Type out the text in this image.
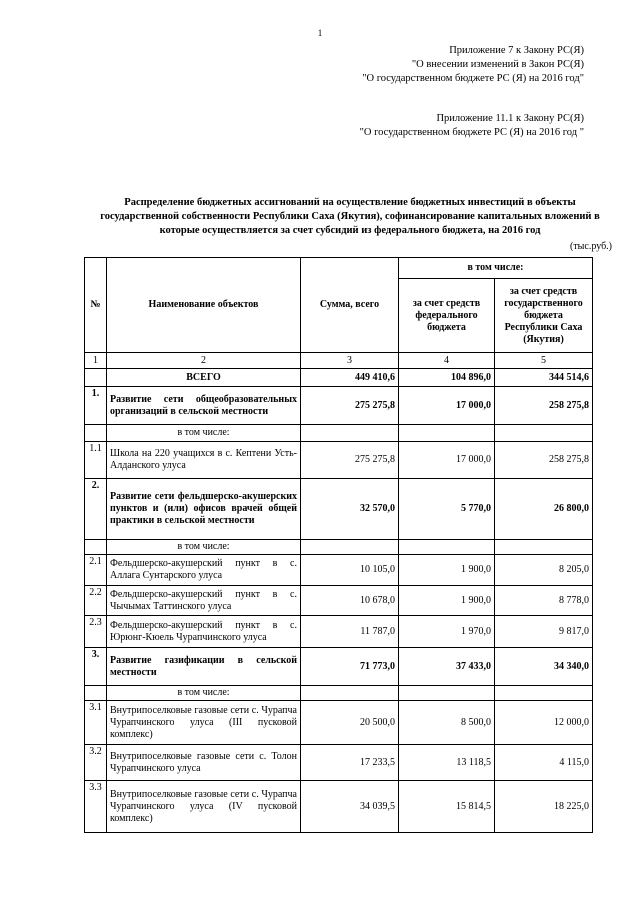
1
Приложение 7 к Закону РС(Я)
"О внесении изменений в Закон РС(Я)
"О государственном бюджете РС (Я) на 2016 год"
Приложение 11.1 к Закону РС(Я)
"О государственном бюджете РС (Я) на 2016 год "
Распределение бюджетных ассигнований на осуществление бюджетных инвестиций в объекты государственной собственности Республики Саха (Якутия), софинансирование капитальных вложений в которые осуществляется за счет субсидий из федерального бюджета, на 2016 год
(тыс.руб.)
№	Наименование объектов	Сумма, всего	в том числе:	
			за счет средств федерального бюджета	за счет средств государственного бюджета Республики Саха (Якутия)
1	2	3	4	5
	ВСЕГО	449 410,6	104 896,0	344 514,6
1.	Развитие сети общеобразовательных организаций в сельской местности	275 275,8	17 000,0	258 275,8
	в том числе:			
1.1	Школа на 220 учащихся в с. Кептени Усть-Алданского улуса	275 275,8	17 000,0	258 275,8
2.	Развитие сети фельдшерско-акушерских пунктов и (или) офисов врачей общей практики в сельской местности	32 570,0	5 770,0	26 800,0
	в том числе:			
2.1	Фельдшерско-акушерский пункт в с. Аллага Сунтарского улуса	10 105,0	1 900,0	8 205,0
2.2	Фельдшерско-акушерский пункт в с. Чычымах Таттинского улуса	10 678,0	1 900,0	8 778,0
2.3	Фельдшерско-акушерский пункт в с. Юрюнг-Кюель Чурапчинского улуса	11 787,0	1 970,0	9 817,0
3.	Развитие газификации в сельской местности	71 773,0	37 433,0	34 340,0
	в том числе:			
3.1	Внутрипоселковые газовые сети с. Чурапча Чурапчинского улуса (III пусковой комплекс)	20 500,0	8 500,0	12 000,0
3.2	Внутрипоселковые газовые сети с. Толон Чурапчинского улуса	17 233,5	13 118,5	4 115,0
3.3	Внутрипоселковые газовые сети с. Чурапча Чурапчинского улуса (IV пусковой комплекс)	34 039,5	15 814,5	18 225,0
